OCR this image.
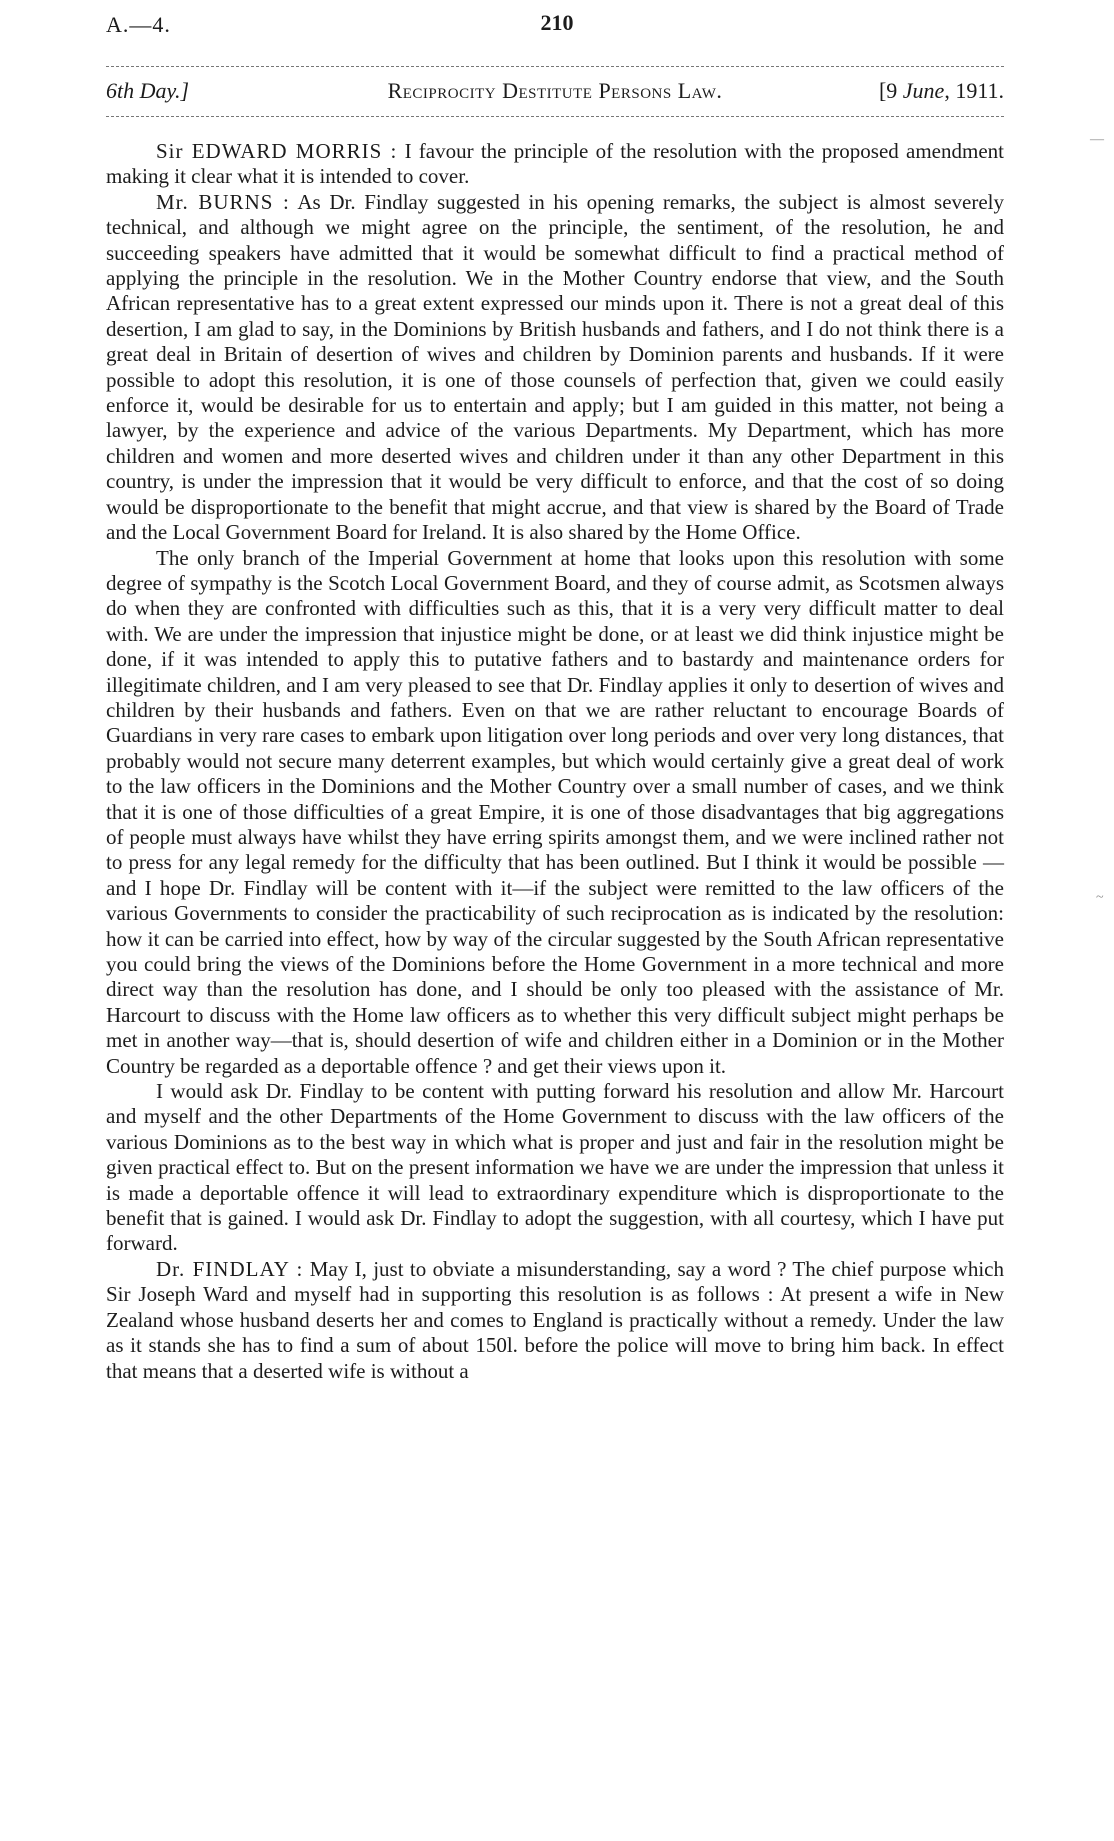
A.—4.	210
6th Day.]	Reciprocity Destitute Persons Law.	[9 June, 1911.

Sir EDWARD MORRIS : I favour the principle of the resolution with the proposed amendment making it clear what it is intended to cover.

Mr. BURNS : As Dr. Findlay suggested in his opening remarks, the subject is almost severely technical, and although we might agree on the principle, the sentiment, of the resolution, he and succeeding speakers have admitted that it would be somewhat difficult to find a practical method of applying the principle in the resolution. We in the Mother Country endorse that view, and the South African representative has to a great extent expressed our minds upon it. There is not a great deal of this desertion, I am glad to say, in the Dominions by British husbands and fathers, and I do not think there is a great deal in Britain of desertion of wives and children by Dominion parents and husbands. If it were possible to adopt this resolution, it is one of those counsels of perfection that, given we could easily enforce it, would be desirable for us to entertain and apply; but I am guided in this matter, not being a lawyer, by the experience and advice of the various Departments. My Department, which has more children and women and more deserted wives and children under it than any other Department in this country, is under the impression that it would be very difficult to enforce, and that the cost of so doing would be disproportionate to the benefit that might accrue, and that view is shared by the Board of Trade and the Local Government Board for Ireland. It is also shared by the Home Office.

The only branch of the Imperial Government at home that looks upon this resolution with some degree of sympathy is the Scotch Local Government Board, and they of course admit, as Scotsmen always do when they are confronted with difficulties such as this, that it is a very very difficult matter to deal with. We are under the impression that injustice might be done, or at least we did think injustice might be done, if it was intended to apply this to putative fathers and to bastardy and maintenance orders for illegitimate children, and I am very pleased to see that Dr. Findlay applies it only to desertion of wives and children by their husbands and fathers. Even on that we are rather reluctant to encourage Boards of Guardians in very rare cases to embark upon litigation over long periods and over very long distances, that probably would not secure many deterrent examples, but which would certainly give a great deal of work to the law officers in the Dominions and the Mother Country over a small number of cases, and we think that it is one of those difficulties of a great Empire, it is one of those disadvantages that big aggregations of people must always have whilst they have erring spirits amongst them, and we were inclined rather not to press for any legal remedy for the difficulty that has been outlined. But I think it would be possible — and I hope Dr. Findlay will be content with it—if the subject were remitted to the law officers of the various Governments to consider the practicability of such reciprocation as is indicated by the resolution: how it can be carried into effect, how by way of the circular suggested by the South African representative you could bring the views of the Dominions before the Home Government in a more technical and more direct way than the resolution has done, and I should be only too pleased with the assistance of Mr. Harcourt to discuss with the Home law officers as to whether this very difficult subject might perhaps be met in another way—that is, should desertion of wife and children either in a Dominion or in the Mother Country be regarded as a deportable offence ? and get their views upon it.

I would ask Dr. Findlay to be content with putting forward his resolution and allow Mr. Harcourt and myself and the other Departments of the Home Government to discuss with the law officers of the various Dominions as to the best way in which what is proper and just and fair in the resolution might be given practical effect to. But on the present information we have we are under the impression that unless it is made a deportable offence it will lead to extraordinary expenditure which is disproportionate to the benefit that is gained. I would ask Dr. Findlay to adopt the suggestion, with all courtesy, which I have put forward.

Dr. FINDLAY : May I, just to obviate a misunderstanding, say a word ? The chief purpose which Sir Joseph Ward and myself had in supporting this resolution is as follows : At present a wife in New Zealand whose husband deserts her and comes to England is practically without a remedy. Under the law as it stands she has to find a sum of about 150l. before the police will move to bring him back. In effect that means that a deserted wife is without a

—
~
